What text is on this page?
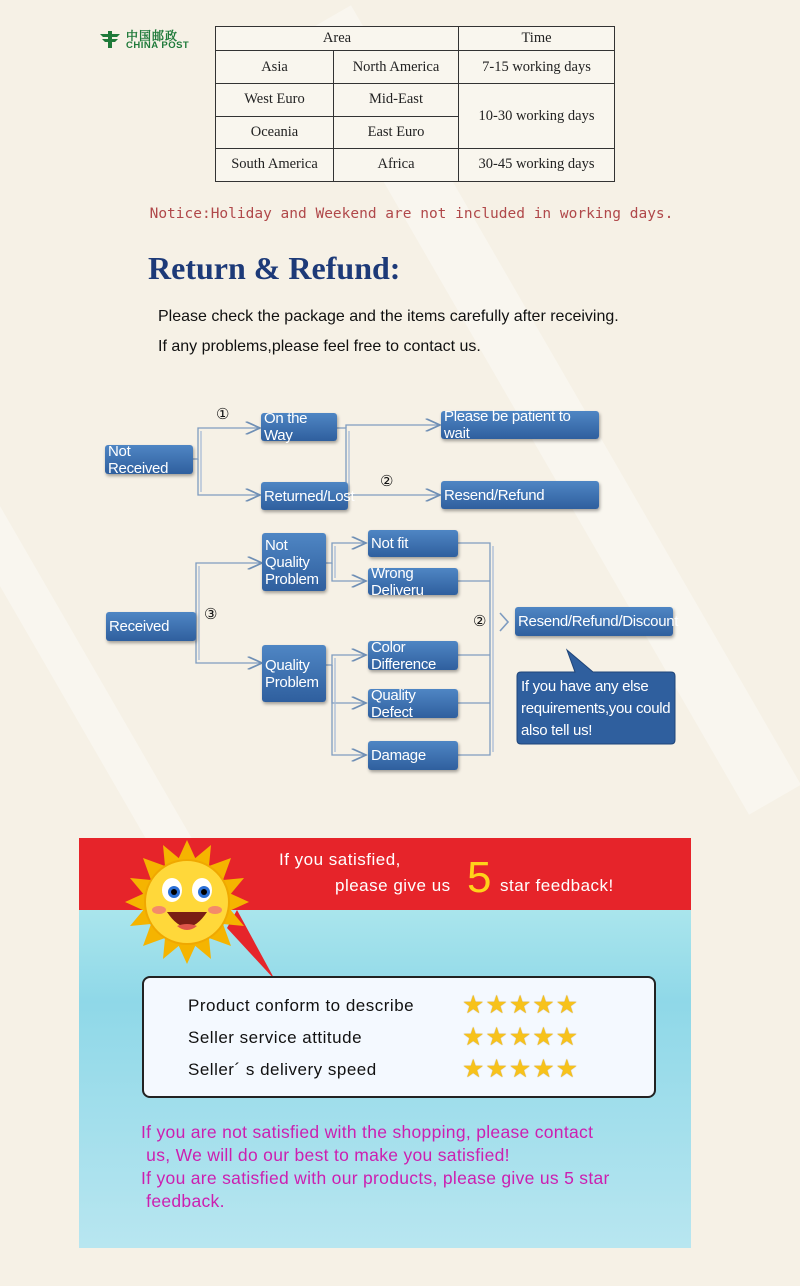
中国邮政
CHINA POST	Area		Time
Asia	North America	7-15 working days
West Euro	Mid-East	10-30 working days
Oceania	East Euro	
South America	Africa	30-45 working days
Notice:Holiday and Weekend are not included in working days.
Return & Refund:
Please check the package and the items carefully after receiving.
If any problems,please feel free to contact us.
Not Received
On the Way
Returned/Lost
Please be patient to wait
Resend/Refund
①
②
Received
Not Quality Problem
Quality Problem
Not fit
Wrong Deliveru
Color Difference
Quality Defect
Damage
Resend/Refund/Discount
③	②
If you have any else requirements,you could also tell us!
If you satisfied,
please give us 5 star feedback!
Product conform to describe ★★★★★
Seller service attitude	★★★★★
Seller´ s delivery speed	★★★★★
If you are not satisfied with the shopping, please contact
us, We will do our best to make you satisfied!
If you are satisfied with our products, please give us 5 star
feedback.
